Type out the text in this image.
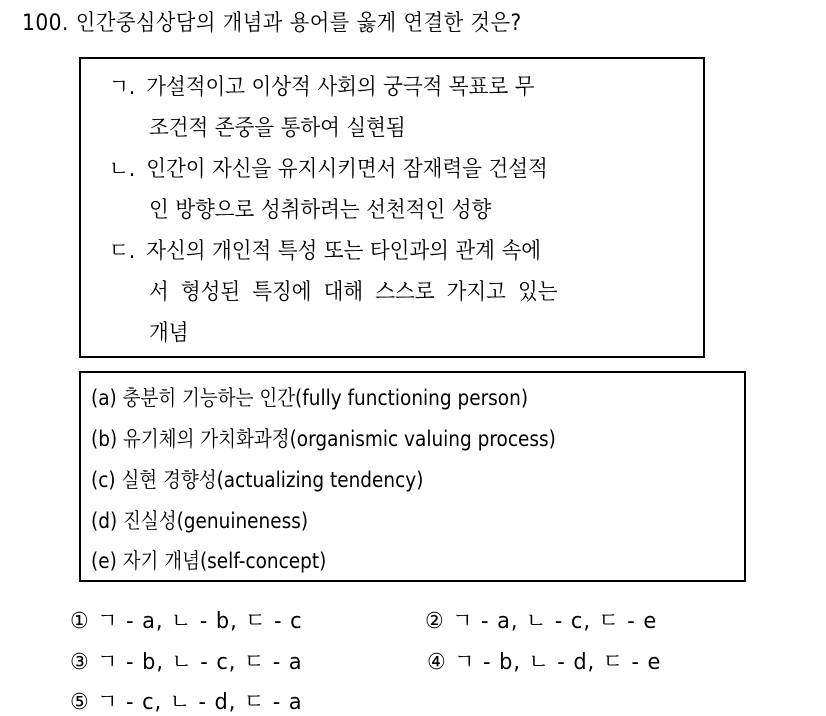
100. 인간중심상담의 개념과 용어를 옳게 연결한 것은?
ㄱ. 가설적이고 이상적 사회의 궁극적 목표로 무
조건적 존중을 통하여 실현됨
ㄴ. 인간이 자신을 유지시키면서 잠재력을 건설적
인 방향으로 성취하려는 선천적인 성향
ㄷ. 자신의 개인적 특성 또는 타인과의 관계 속에
서 형성된 특징에 대해 스스로 가지고 있는
개념
(a) 충분히 기능하는 인간(fully functioning person)
(b) 유기체의 가치화과정(organismic valuing process)
(c) 실현 경향성(actualizing tendency)
(d) 진실성(genuineness)
(e) 자기 개념(self-concept)
① ㄱ - a, ㄴ - b, ㄷ - c	② ㄱ - a, ㄴ - c, ㄷ - e
③ ㄱ - b, ㄴ - c, ㄷ - a	④ ㄱ - b, ㄴ - d, ㄷ - e
⑤ ㄱ - c, ㄴ - d, ㄷ - a
